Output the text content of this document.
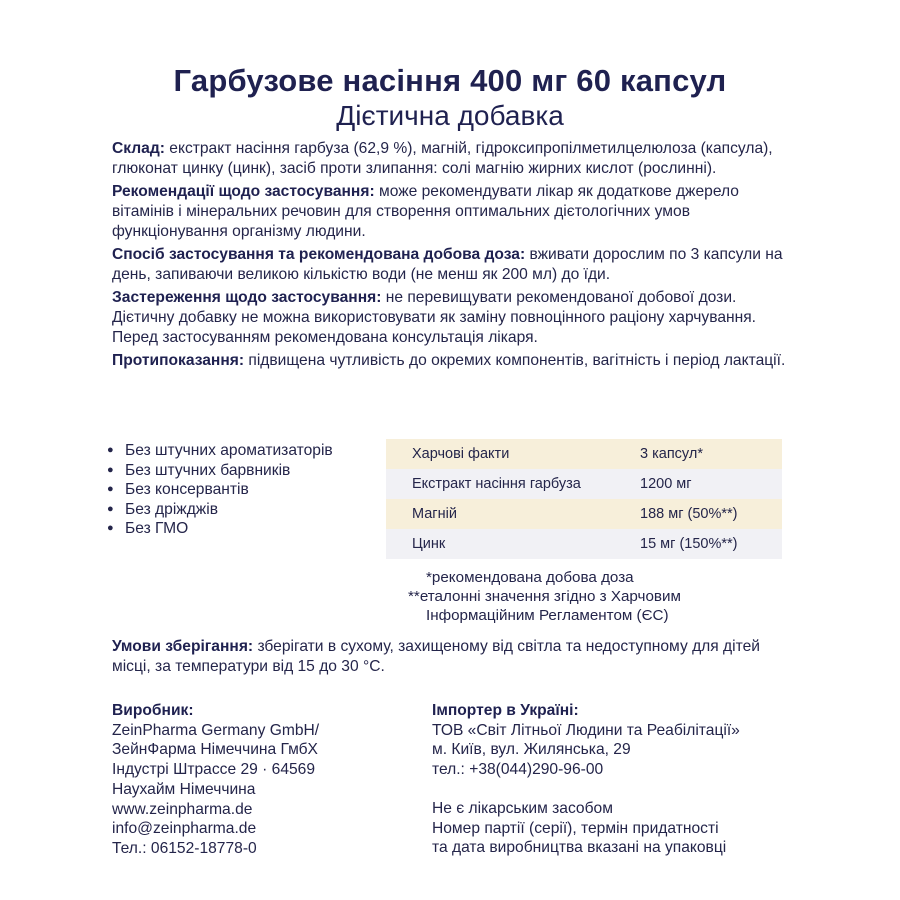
Гарбузове насіння 400 мг 60 капсул
Дієтична добавка

Склад: екстракт насіння гарбуза (62,9 %), магній, гідроксипропілметилцелюлоза (капсула), глюконат цинку (цинк), засіб проти злипання: солі магнію жирних кислот (рослинні).

Рекомендації щодо застосування: може рекомендувати лікар як додаткове джерело вітамінів і мінеральних речовин для створення оптимальних дієтологічних умов функціонування організму людини.

Спосіб застосування та рекомендована добова доза: вживати дорослим по 3 капсули на день, запиваючи великою кількістю води (не менш як 200 мл) до їди.

Застереження щодо застосування: не перевищувати рекомендованої добової дози. Дієтичну добавку не можна використовувати як заміну повноцінного раціону харчування. Перед застосуванням рекомендована консультація лікаря.

Протипоказання: підвищена чутливість до окремих компонентів, вагітність і період лактації.

● Без штучних ароматизаторів
● Без штучних барвників
● Без консервантів
● Без дріжджів
● Без ГМО
Харчові факти	3 капсул*
Екстракт насіння гарбуза	1200 мг
Магній	188 мг (50%**)
Цинк	15 мг (150%**)
*рекомендована добова доза
**еталонні значення згідно з Харчовим
Інформаційним Регламентом (ЄС)
Умови зберігання: зберігати в сухому, захищеному від світла та недоступному для дітей місці, за температури від 15 до 30 °С.
Виробник:
ZeinPharma Germany GmbH/
ЗейнФарма Німеччина ГмбХ
Індустрі Штрассе 29 · 64569
Наухайм Німеччина
www.zeinpharma.de
info@zeinpharma.de
Тел.: 06152-18778-0
Імпортер в Україні:
ТОВ «Світ Літньої Людини та Реабілітації»
м. Київ, вул. Жилянська, 29
тел.: +38(044)290-96-00
Не є лікарським засобом
Номер партії (серії), термін придатності
та дата виробництва вказані на упаковці
